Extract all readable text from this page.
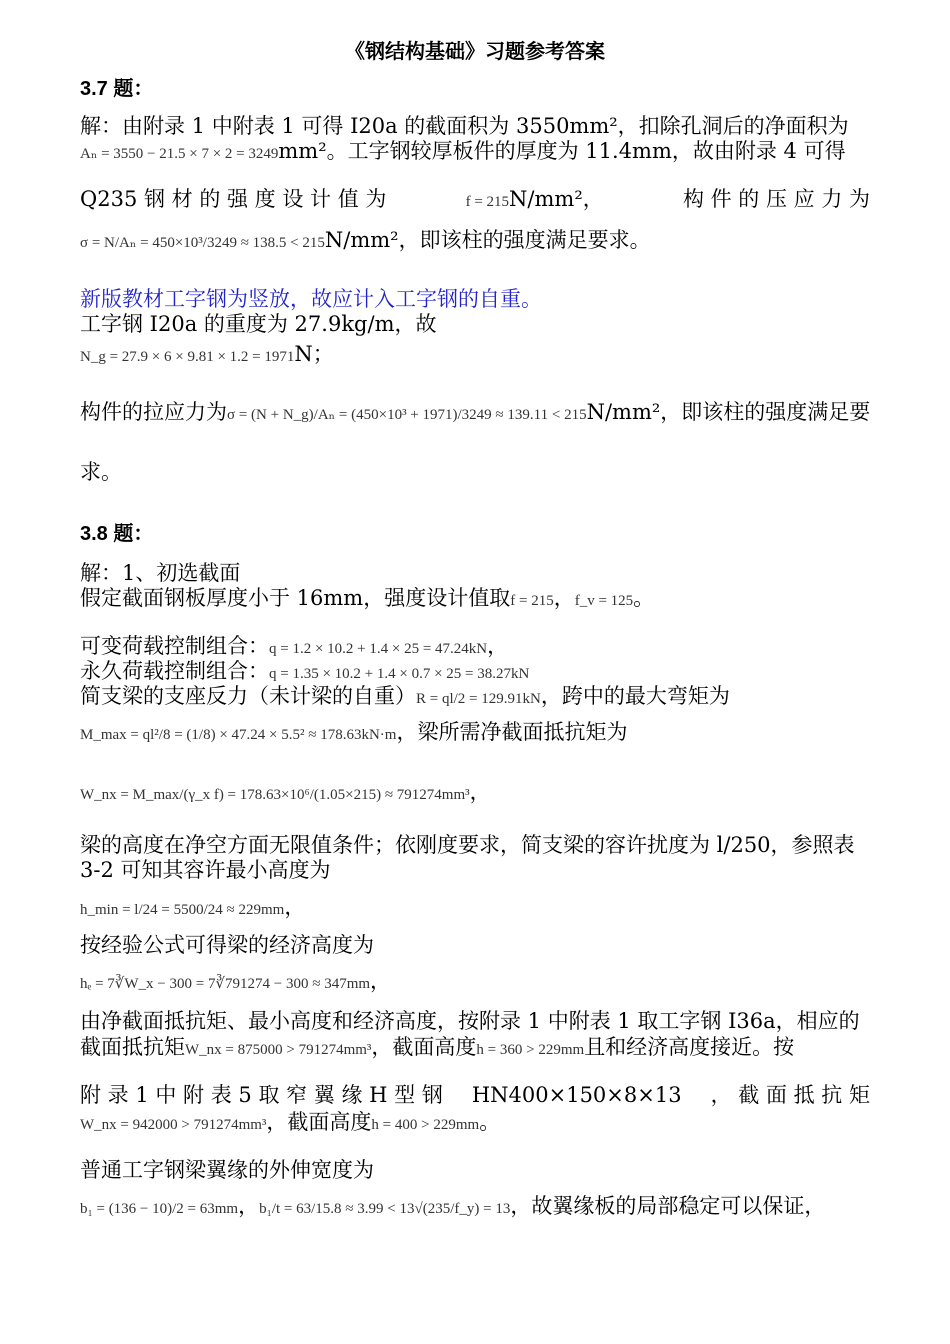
《钢结构基础》习题参考答案
3.7 题：
解：由附录 1 中附表 1 可得 I20a 的截面积为 3550mm²，扣除孔洞后的净面积为
Aₙ = 3550 − 21.5 × 7 × 2 = 3249mm²。工字钢较厚板件的厚度为 11.4mm，故由附录 4 可得
Q235 钢 材 的 强 度 设 计 值 为	f = 215N/mm²，	构 件 的 压 应 力 为
σ = N/Aₙ = 450×10³/3249 ≈ 138.5 < 215N/mm²，即该柱的强度满足要求。
新版教材工字钢为竖放，故应计入工字钢的自重。
工字钢 I20a 的重度为 27.9kg/m，故
N_g = 27.9 × 6 × 9.81 × 1.2 = 1971N；
构件的拉应力为σ = (N + N_g)/Aₙ = (450×10³ + 1971)/3249 ≈ 139.11 < 215N/mm²，即该柱的强度满足要
求。
3.8 题：
解：1、初选截面
假定截面钢板厚度小于 16mm，强度设计值取f = 215，f_v = 125。
可变荷载控制组合：q = 1.2 × 10.2 + 1.4 × 25 = 47.24kN，
永久荷载控制组合：q = 1.35 × 10.2 + 1.4 × 0.7 × 25 = 38.27kN
简支梁的支座反力（未计梁的自重）R = ql/2 = 129.91kN，跨中的最大弯矩为
M_max = ql²/8 = (1/8) × 47.24 × 5.5² ≈ 178.63kN·m，梁所需净截面抵抗矩为
W_nx = M_max/(γ_x f) = 178.63×10⁶/(1.05×215) ≈ 791274mm³，
梁的高度在净空方面无限值条件；依刚度要求，简支梁的容许扰度为 l/250，参照表
3-2 可知其容许最小高度为
h_min = l/24 = 5500/24 ≈ 229mm，
按经验公式可得梁的经济高度为
hₑ = 7∛W_x − 300 = 7∛791274 − 300 ≈ 347mm，
由净截面抵抗矩、最小高度和经济高度，按附录 1 中附表 1 取工字钢 I36a，相应的
截面抵抗矩W_nx = 875000 > 791274mm³，截面高度h = 360 > 229mm且和经济高度接近。按
附 录 1 中 附 表 5 取 窄 翼 缘 H 型 钢 HN400×150×8×13 ， 截 面 抵 抗 矩
W_nx = 942000 > 791274mm³，截面高度h = 400 > 229mm。
普通工字钢梁翼缘的外伸宽度为
b₁ = (136 − 10)/2 = 63mm，b₁/t = 63/15.8 ≈ 3.99 < 13√(235/f_y) = 13，故翼缘板的局部稳定可以保证，
